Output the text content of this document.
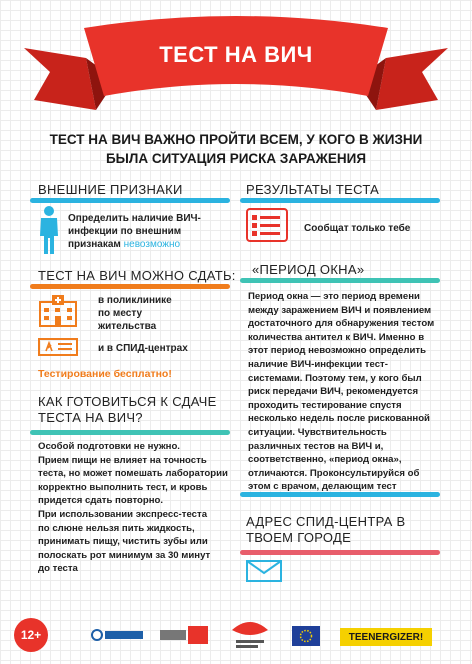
ТЕСТ НА ВИЧ
ТЕСТ НА ВИЧ ВАЖНО ПРОЙТИ ВСЕМ, У КОГО В ЖИЗНИ
БЫЛА СИТУАЦИЯ РИСКА ЗАРАЖЕНИЯ
ВНЕШНИЕ ПРИЗНАКИ
Определить наличие ВИЧ-
инфекции по внешним
признакам невозможно
РЕЗУЛЬТАТЫ ТЕСТА
Сообщат только тебе
ТЕСТ НА ВИЧ МОЖНО СДАТЬ:
в поликлинике
по месту
жительства
и в СПИД-центрах
Тестирование бесплатно!
«ПЕРИОД ОКНА»
Период окна — это период времени
между заражением ВИЧ и появлением
достаточного для обнаружения тестом
количества антител к ВИЧ. Именно в
этот период невозможно определить
наличие ВИЧ-инфекции тест-
системами. Поэтому тем, у кого был
риск передачи ВИЧ, рекомендуется
проходить тестирование спустя
несколько недель после рискованной
ситуации. Чувствительность
различных тестов на ВИЧ и,
соответственно, «период окна»,
отличаются. Проконсультируйся об
этом с врачом, делающим тест
КАК ГОТОВИТЬСЯ К СДАЧЕ
ТЕСТА НА ВИЧ?
Особой подготовки не нужно.
Прием пищи не влияет на точность
теста, но может помешать лаборатории
корректно выполнить тест, и кровь
придется сдать повторно.
При использовании экспресс-теста
по слюне нельзя пить жидкость,
принимать пищу, чистить зубы или
полоскать рот минимум за 30 минут
до теста
АДРЕС СПИД-ЦЕНТРА В
ТВОЕМ ГОРОДЕ
12+	TEENERGIZER!
